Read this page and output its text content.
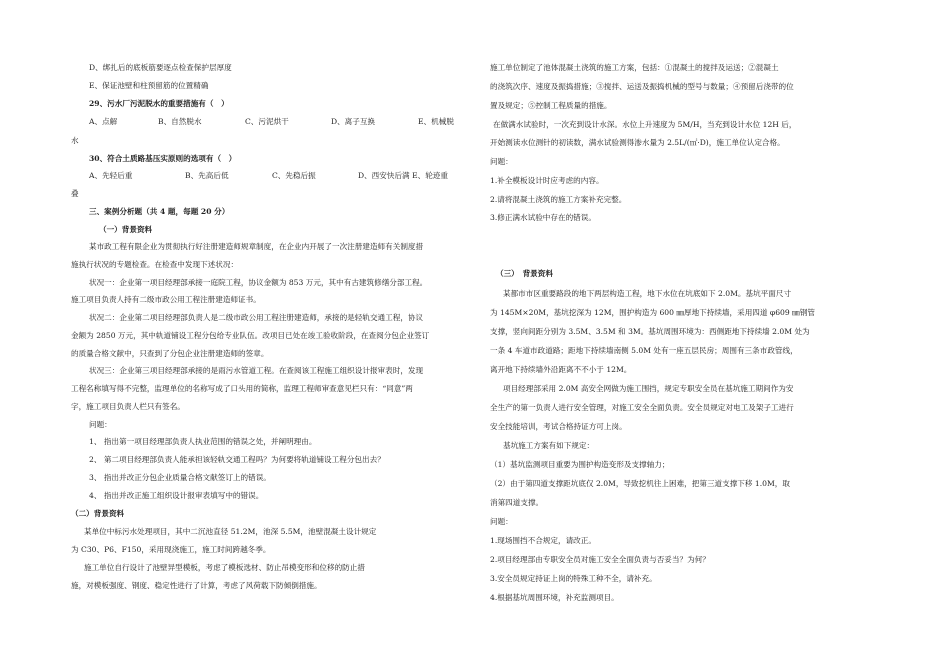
D、绑扎后的底板筋要逐点检查保护层厚度
E、保证池壁和柱预留筋的位置精确
29、污水厂污泥脱水的重要措施有（　）
A、点解	B、自然脱水	C、污泥烘干	D、离子互换	E、机械脱
水
30、符合土质路基压实原则的选项有（　）
A、先轻后重	B、先高后低	C、先稳后振	D、西安快后满 E、轮迹重
叠
三、案例分析题（共 4 题，每题 20 分）
（一）背景资料
某市政工程有限企业为贯彻执行好注册建造师规章制度，在企业内开展了一次注册建造师有关制度措
施执行状况的专题检查。在检查中发现下述状况：
状况一：企业第一项目经理部承接一庭院工程，协议金额为 853 万元，其中有古建筑修缮分部工程。
施工项目负责人持有二级市政公用工程注册建造师证书。
状况二：企业第二项目经理部负责人是二级市政公用工程注册建造师，承接的是轻轨交通工程，协议
金额为 2850 万元，其中轨道铺设工程分包给专业队伍。改项目已处在竣工验收阶段，在查阅分包企业签订
的质量合格文献中，只查到了分包企业注册建造师的签章。
状况三：企业第三项目经理部承接的是雨污水管道工程。在查阅该工程施工组织设计报审表时，发现
工程名称填写得不完整，监理单位的名称写成了口头用的简称，监理工程师审查意见栏只有：“同意”两
字，施工项目负责人栏只有签名。
问题：
1、 指出第一项目经理部负责人执业范围的错误之处，并阐明理由。
2、 第二项目经理部负责人能承担该轻轨交通工程吗？为何要将轨道铺设工程分包出去？
3、 指出并改正分包企业质量合格文献签订上的错误。
4、 指出并改正施工组织设计报审表填写中的错误。
（二）背景资料
某单位中标污水处理项目，其中二沉池直径 51.2M，池深 5.5M，池壁混凝土设计规定
为 C30、P6、F150，采用现浇施工，施工时间跨越冬季。
施工单位自行设计了池壁异型模板，考虑了模板选材、防止吊模变形和位移的防止措
施，对模板强度、钢度、稳定性进行了计算，考虑了风荷载下防倾倒措施。
施工单位制定了池体混凝土浇筑的施工方案，包括：①混凝土的搅拌及运送；②混凝土
的浇筑次序、速度及振捣措施；③搅拌、运送及振捣机械的型号与数量；④预留后浇带的位
置及规定；⑤控制工程质量的措施。
在做满水试验时，一次充到设计水深。水位上升速度为 5M/H，当充到设计水位 12H 后，
开始测读水位测针的初读数，满水试验测得渗水量为 2.5L/(㎡·D)，施工单位认定合格。
问题：
1.补全模板设计时应考虑的内容。
2.请将混凝土浇筑的施工方案补充完整。
3.修正满水试验中存在的错误。
（三）　背景资料
某都市市区重要路段的地下两层构造工程，地下水位在坑底如下 2.0M。基坑平面尺寸
为 145M×20M，基坑挖深为 12M，围护构造为 600 ㎜厚地下持续墙，采用四道 φ609 ㎜钢管
支撑，竖向间距分别为 3.5M、3.5M 和 3M。基坑周围环境为：西侧距地下持续墙 2.0M 处为
一条 4 车道市政道路；距地下持续墙南侧 5.0M 处有一座五层民房；周围有三条市政管线，
离开地下持续墙外沿距离不不小于 12M。
项目经理部采用 2.0M 高安全网做为施工围挡，规定专职安全员在基坑施工期间作为安
全生产的第一负责人进行安全管理，对施工安全全面负责。安全员规定对电工及架子工进行
安全技能培训，考试合格持证方可上岗。
基坑施工方案有如下规定：
（1）基坑监测项目重要为围护构造变形及支撑轴力；
（2）由于第四道支撑距坑底仅 2.0M，导致挖机往上困难，把第三道支撑下移 1.0M，取
消第四道支撑。
问题：
1.现场围挡不合规定，请改正。
2.项目经理部由专职安全员对施工安全全面负责与否妥当？为何？
3.安全员规定持证上岗的特殊工种不全，请补充。
4.根据基坑周围环境，补充监测项目。
